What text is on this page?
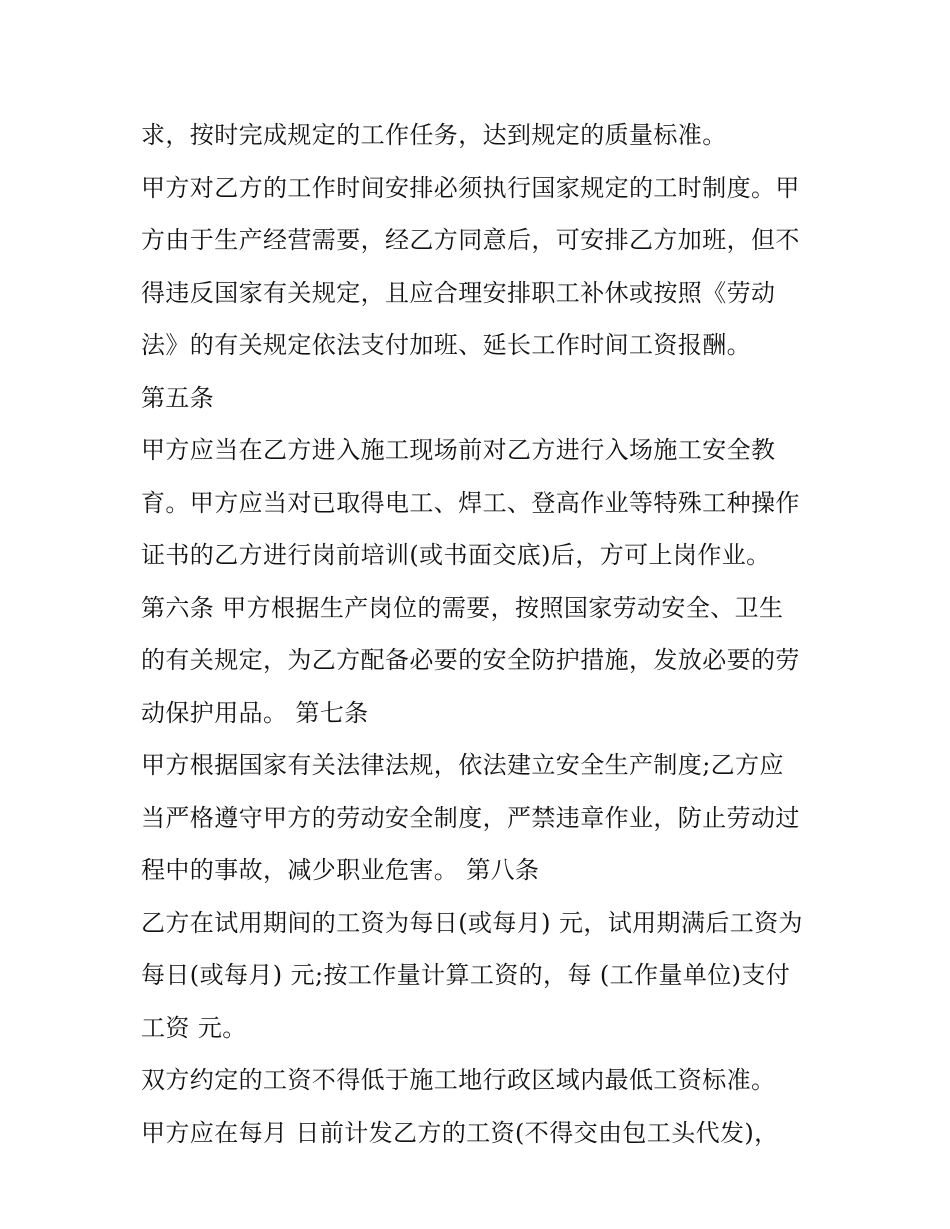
求，按时完成规定的工作任务，达到规定的质量标准。
甲方对乙方的工作时间安排必须执行国家规定的工时制度。甲
方由于生产经营需要，经乙方同意后，可安排乙方加班，但不
得违反国家有关规定，且应合理安排职工补休或按照《劳动
法》的有关规定依法支付加班、延长工作时间工资报酬。
第五条
甲方应当在乙方进入施工现场前对乙方进行入场施工安全教
育。甲方应当对已取得电工、焊工、登高作业等特殊工种操作
证书的乙方进行岗前培训(或书面交底)后，方可上岗作业。
第六条 甲方根据生产岗位的需要，按照国家劳动安全、卫生
的有关规定，为乙方配备必要的安全防护措施，发放必要的劳
动保护用品。 第七条
甲方根据国家有关法律法规，依法建立安全生产制度;乙方应
当严格遵守甲方的劳动安全制度，严禁违章作业，防止劳动过
程中的事故，减少职业危害。 第八条
乙方在试用期间的工资为每日(或每月) 元，试用期满后工资为
每日(或每月) 元;按工作量计算工资的，每 (工作量单位)支付
工资 元。
双方约定的工资不得低于施工地行政区域内最低工资标准。
甲方应在每月 日前计发乙方的工资(不得交由包工头代发)，
